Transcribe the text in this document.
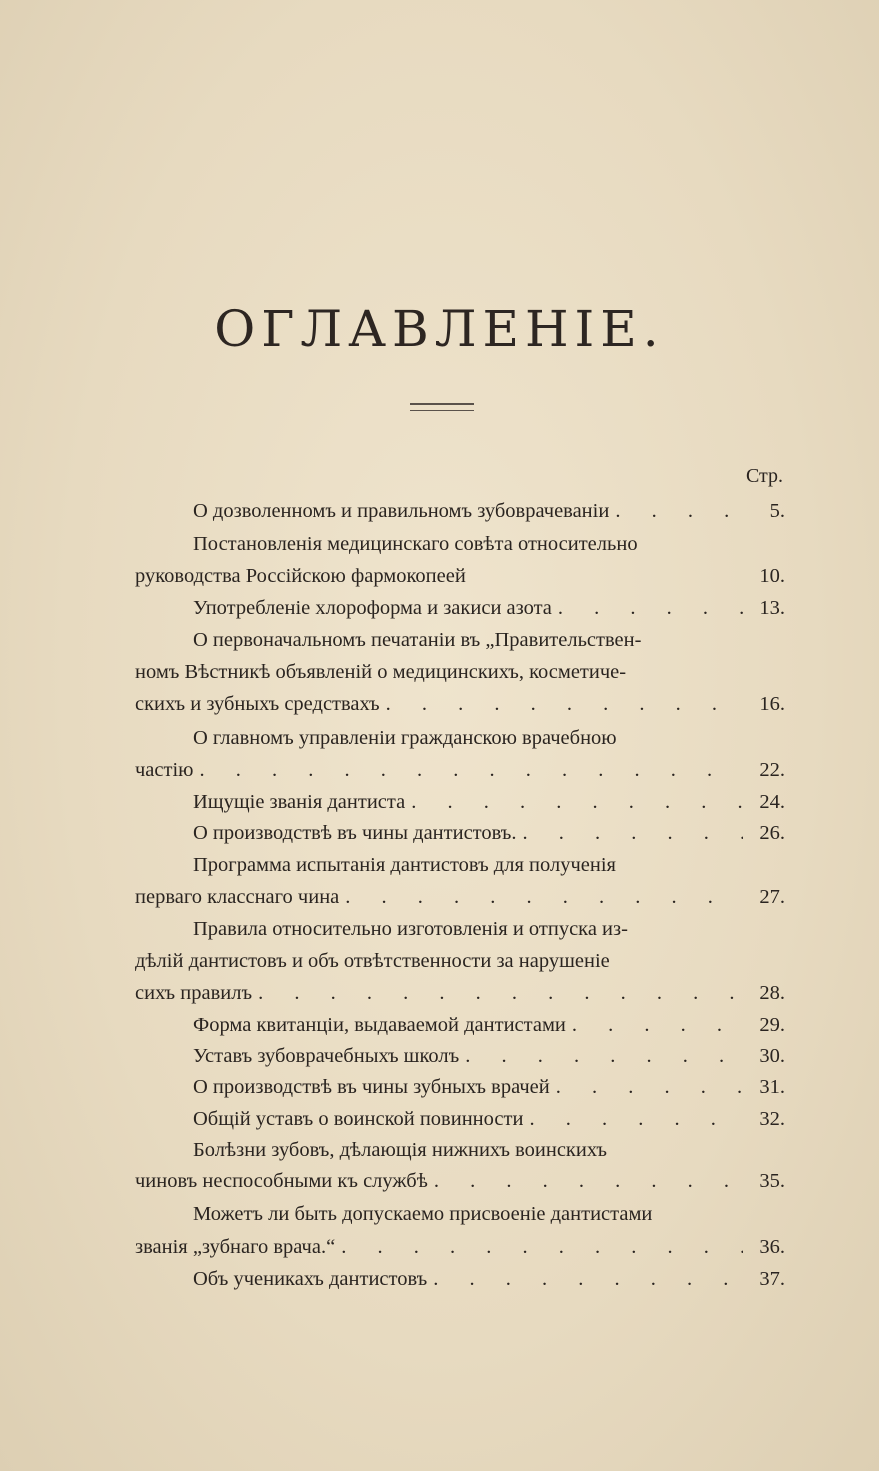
ОГЛАВЛЕНІЕ.
Стр.
О дозволенномъ и правильномъ зубоврачеваніи . . .	5.
Постановленія медицинскаго совѣта относительно
руководства Россійскою фармокопеей	10.
Употребленіе хлороформа и закиси азота . . .	13.
О первоначальномъ печатаніи въ „Правительствен-
номъ Вѣстникѣ объявленій о медицинскихъ, косметиче-
скихъ и зубныхъ средствахъ . . .	16.
О главномъ управленіи гражданскою врачебною
частію . . .	22.
Ищущіе званія дантиста . . .	24.
О производствѣ въ чины дантистовъ. . . .	26.
Программа испытанія дантистовъ для полученія
перваго класснаго чина . . .	27.
Правила относительно изготовленія и отпуска из-
дѣлій дантистовъ и объ отвѣтственности за нарушеніе
сихъ правилъ . . .	28.
Форма квитанціи, выдаваемой дантистами . . .	29.
Уставъ зубоврачебныхъ школъ . . .	30.
О производствѣ въ чины зубныхъ врачей . . .	31.
Общій уставъ о воинской повинности . . .	32.
Болѣзни зубовъ, дѣлающія нижнихъ воинскихъ
чиновъ неспособными къ службѣ . . .	35.
Можетъ ли быть допускаемо присвоеніе дантистами
званія „зубнаго врача.“ . . .	36.
Объ ученикахъ дантистовъ . . .	37.
